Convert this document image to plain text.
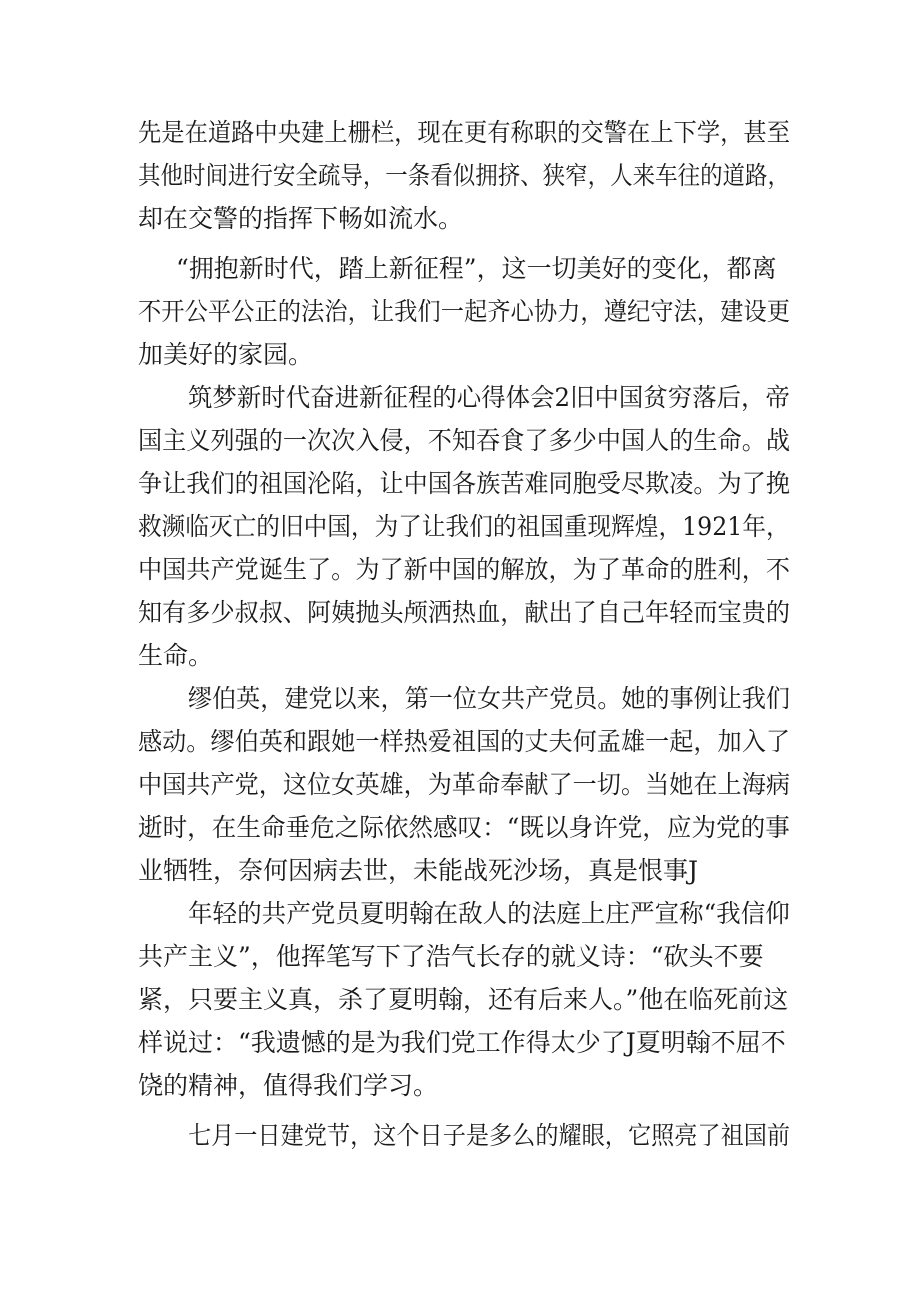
先是在道路中央建上栅栏，现在更有称职的交警在上下学，甚至

其他时间进行安全疏导，一条看似拥挤、狭窄，人来车往的道路，

却在交警的指挥下畅如流水。

“拥抱新时代，踏上新征程”，这一切美好的变化，都离

不开公平公正的法治，让我们一起齐心协力，遵纪守法，建设更

加美好的家园。

筑梦新时代奋进新征程的心得体会2旧中国贫穷落后，帝

国主义列强的一次次入侵，不知吞食了多少中国人的生命。战

争让我们的祖国沦陷，让中国各族苦难同胞受尽欺凌。为了挽

救濒临灭亡的旧中国，为了让我们的祖国重现辉煌，1921年，

中国共产党诞生了。为了新中国的解放，为了革命的胜利，不

知有多少叔叔、阿姨抛头颅洒热血，献出了自己年轻而宝贵的

生命。

缪伯英，建党以来，第一位女共产党员。她的事例让我们

感动。缪伯英和跟她一样热爱祖国的丈夫何孟雄一起，加入了

中国共产党，这位女英雄，为革命奉献了一切。当她在上海病

逝时，在生命垂危之际依然感叹：“既以身许党，应为党的事

业牺牲，奈何因病去世，未能战死沙场，真是恨事J

年轻的共产党员夏明翰在敌人的法庭上庄严宣称“我信仰

共产主义”，他挥笔写下了浩气长存的就义诗：“砍头不要

紧，只要主义真，杀了夏明翰，还有后来人。”他在临死前这

样说过：“我遗憾的是为我们党工作得太少了J夏明翰不屈不

饶的精神，值得我们学习。

七月一日建党节，这个日子是多么的耀眼，它照亮了祖国前
